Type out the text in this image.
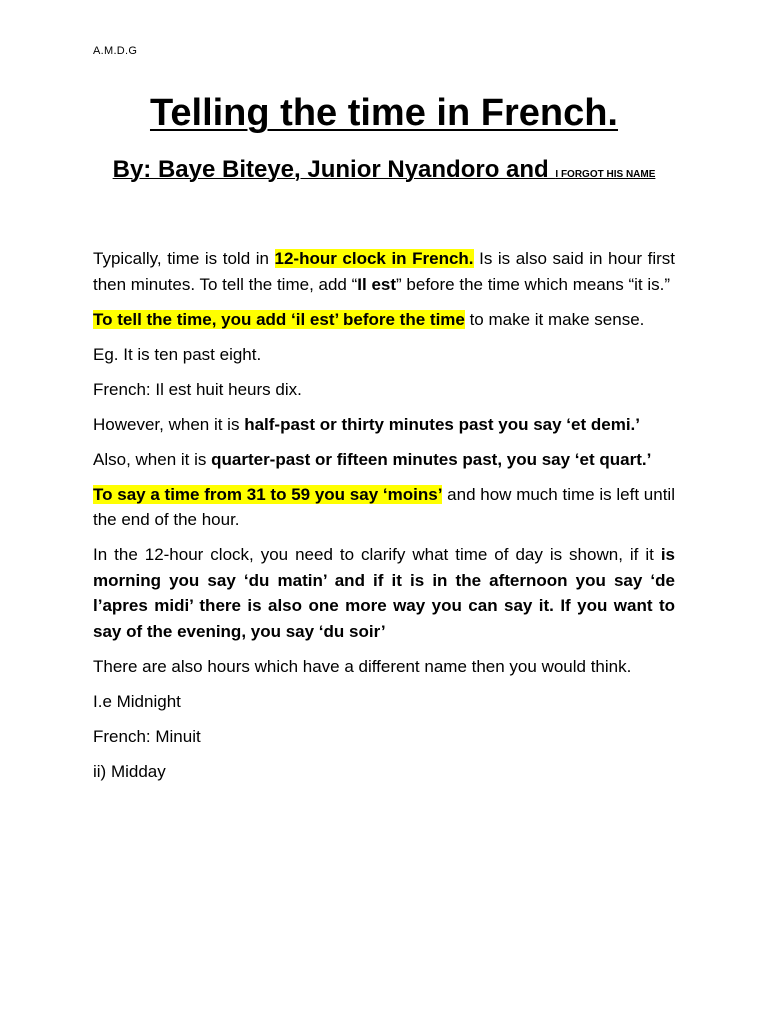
A.M.D.G
Telling the time in French.
By: Baye Biteye, Junior Nyandoro and I FORGOT HIS NAME

Typically, time is told in 12-hour clock in French. Is is also said in hour first then minutes. To tell the time, add “Il est” before the time which means “it is.”

To tell the time, you add ‘il est’ before the time to make it make sense.

Eg. It is ten past eight.

French: Il est huit heurs dix.

However, when it is half-past or thirty minutes past you say ‘et demi.’

Also, when it is quarter-past or fifteen minutes past, you say ‘et quart.’

To say a time from 31 to 59 you say ‘moins’ and how much time is left until the end of the hour.

In the 12-hour clock, you need to clarify what time of day is shown, if it is morning you say ‘du matin’ and if it is in the afternoon you say ‘de l’apres midi’ there is also one more way you can say it. If you want to say of the evening, you say ‘du soir’

There are also hours which have a different name then you would think.

I.e Midnight

French: Minuit

ii) Midday
